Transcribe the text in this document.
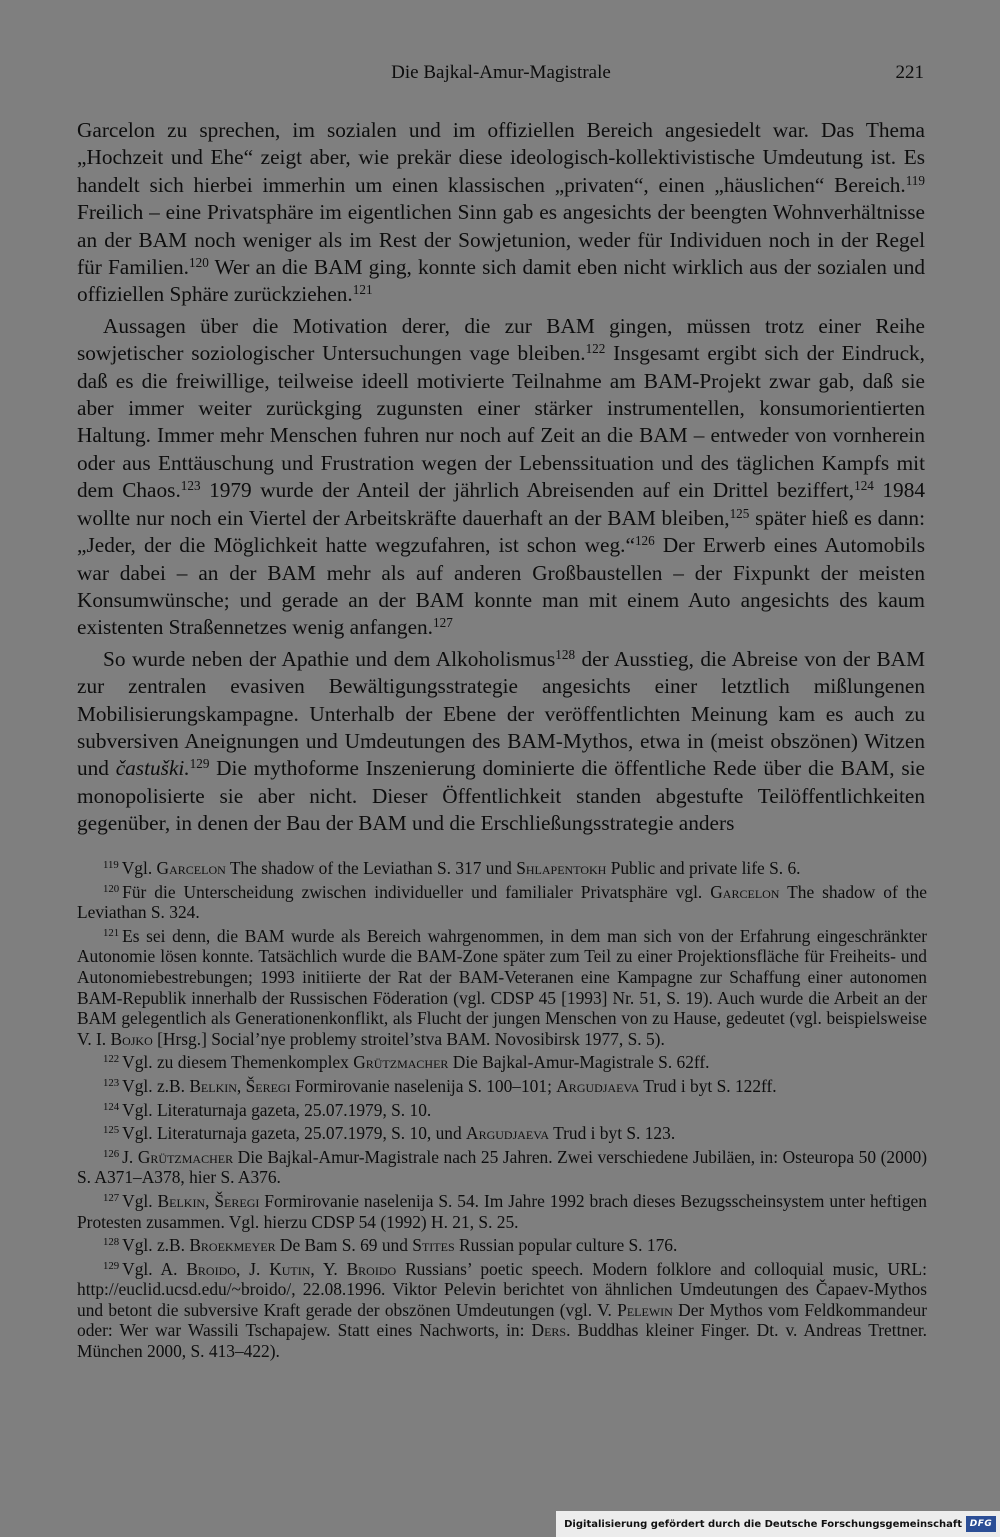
Die Bajkal-Amur-Magistrale	221

Garcelon zu sprechen, im sozialen und im offiziellen Bereich angesiedelt war. Das Thema „Hochzeit und Ehe“ zeigt aber, wie prekär diese ideologisch-kollektivistische Umdeutung ist. Es handelt sich hierbei immerhin um einen klassischen „privaten“, einen „häuslichen“ Bereich.$^{119}$ Freilich – eine Privatsphäre im eigentlichen Sinn gab es angesichts der beengten Wohnverhältnisse an der BAM noch weniger als im Rest der Sowjetunion, weder für Individuen noch in der Regel für Familien.$^{120}$ Wer an die BAM ging, konnte sich damit eben nicht wirklich aus der sozialen und offiziellen Sphäre zurückziehen.$^{121}$

Aussagen über die Motivation derer, die zur BAM gingen, müssen trotz einer Reihe sowjetischer soziologischer Untersuchungen vage bleiben.$^{122}$ Insgesamt ergibt sich der Eindruck, daß es die freiwillige, teilweise ideell motivierte Teilnahme am BAM-Projekt zwar gab, daß sie aber immer weiter zurückging zugunsten einer stärker instrumentellen, konsumorientierten Haltung. Immer mehr Menschen fuhren nur noch auf Zeit an die BAM – entweder von vornherein oder aus Enttäuschung und Frustration wegen der Lebenssituation und des täglichen Kampfs mit dem Chaos.$^{123}$ 1979 wurde der Anteil der jährlich Abreisenden auf ein Drittel beziffert,$^{124}$ 1984 wollte nur noch ein Viertel der Arbeitskräfte dauerhaft an der BAM bleiben,$^{125}$ später hieß es dann: „Jeder, der die Möglichkeit hatte wegzufahren, ist schon weg.“$^{126}$ Der Erwerb eines Automobils war dabei – an der BAM mehr als auf anderen Großbaustellen – der Fixpunkt der meisten Konsumwünsche; und gerade an der BAM konnte man mit einem Auto angesichts des kaum existenten Straßennetzes wenig anfangen.$^{127}$

So wurde neben der Apathie und dem Alkoholismus$^{128}$ der Ausstieg, die Abreise von der BAM zur zentralen evasiven Bewältigungsstrategie angesichts einer letztlich mißlungenen Mobilisierungskampagne. Unterhalb der Ebene der veröffentlichten Meinung kam es auch zu subversiven Aneignungen und Umdeutungen des BAM-Mythos, etwa in (meist obszönen) Witzen und častuški.$^{129}$ Die mythoforme Inszenierung dominierte die öffentliche Rede über die BAM, sie monopolisierte sie aber nicht. Dieser Öffentlichkeit standen abgestufte Teilöffentlichkeiten gegenüber, in denen der Bau der BAM und die Erschließungsstrategie anders

$^{119}$ Vgl. Garcelon The shadow of the Leviathan S. 317 und Shlapentokh Public and private life S. 6.
$^{120}$ Für die Unterscheidung zwischen individueller und familialer Privatsphäre vgl. Garcelon The shadow of the Leviathan S. 324.
$^{121}$ Es sei denn, die BAM wurde als Bereich wahrgenommen, in dem man sich von der Erfahrung eingeschränkter Autonomie lösen konnte. Tatsächlich wurde die BAM-Zone später zum Teil zu einer Projektionsfläche für Freiheits- und Autonomiebestrebungen; 1993 initiierte der Rat der BAM-Veteranen eine Kampagne zur Schaffung einer autonomen BAM-Republik innerhalb der Russischen Föderation (vgl. CDSP 45 [1993] Nr. 51, S. 19). Auch wurde die Arbeit an der BAM gelegentlich als Generationenkonflikt, als Flucht der jungen Menschen von zu Hause, gedeutet (vgl. beispielsweise V. I. Bojko [Hrsg.] Social’nye problemy stroitel’stva BAM. Novosibirsk 1977, S. 5).
$^{122}$ Vgl. zu diesem Themenkomplex Grützmacher Die Bajkal-Amur-Magistrale S. 62ff.
$^{123}$ Vgl. z.B. Belkin, Šeregi Formirovanie naselenija S. 100–101; Argudjaeva Trud i byt S. 122ff.
$^{124}$ Vgl. Literaturnaja gazeta, 25.07.1979, S. 10.
$^{125}$ Vgl. Literaturnaja gazeta, 25.07.1979, S. 10, und Argudjaeva Trud i byt S. 123.
$^{126}$ J. Grützmacher Die Bajkal-Amur-Magistrale nach 25 Jahren. Zwei verschiedene Jubiläen, in: Osteuropa 50 (2000) S. A371–A378, hier S. A376.
$^{127}$ Vgl. Belkin, Šeregi Formirovanie naselenija S. 54. Im Jahre 1992 brach dieses Bezugsscheinsystem unter heftigen Protesten zusammen. Vgl. hierzu CDSP 54 (1992) H. 21, S. 25.
$^{128}$ Vgl. z.B. Broekmeyer De Bam S. 69 und Stites Russian popular culture S. 176.
$^{129}$ Vgl. A. Broido, J. Kutin, Y. Broido Russians’ poetic speech. Modern folklore and colloquial music, URL: http://euclid.ucsd.edu/~broido/, 22.08.1996. Viktor Pelevin berichtet von ähnlichen Umdeutungen des Čapaev-Mythos und betont die subversive Kraft gerade der obszönen Umdeutungen (vgl. V. Pelewin Der Mythos vom Feldkommandeur oder: Wer war Wassili Tschapajew. Statt eines Nachworts, in: Ders. Buddhas kleiner Finger. Dt. v. Andreas Trettner. München 2000, S. 413–422).
Digitalisierung gefördert durch die Deutsche Forschungsgemeinschaft DFG
